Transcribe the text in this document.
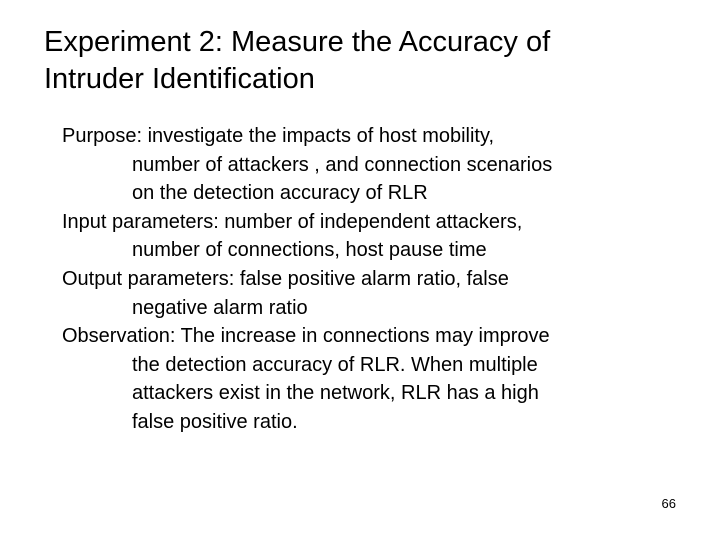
Experiment 2: Measure the Accuracy of
Intruder Identification
Purpose: investigate the impacts of host mobility,
number of attackers , and connection scenarios
on the detection accuracy of RLR
Input parameters: number of independent attackers,
number of connections, host pause time
Output parameters: false positive alarm ratio, false
negative alarm ratio
Observation: The increase in connections may improve
the detection accuracy of RLR. When multiple
attackers exist in the network, RLR has a high
false positive ratio.
66
